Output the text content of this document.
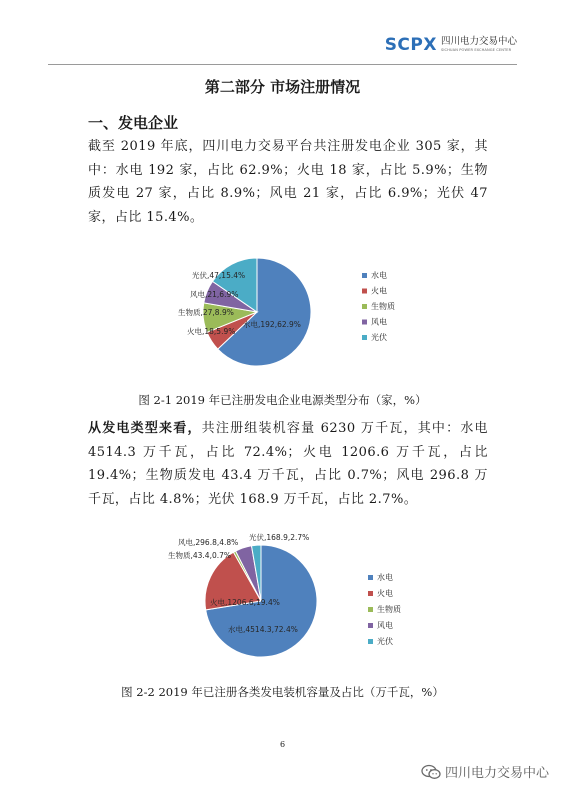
SCPX 四川电力交易中心
SICHUAN POWER EXCHANGE CENTER
第二部分 市场注册情况
一、发电企业

截至 2019 年底，四川电力交易平台共注册发电企业 305 家，其中：水电 192 家，占比 62.9%；火电 18 家，占比 5.9%；生物质发电 27 家，占比 8.9%；风电 21 家，占比 6.9%；光伏 47 家，占比 15.4%。

水电,192,62.9%
火电,18,5.9%
生物质,27,8.9%
风电,21,6.9%
光伏,47,15.4%	水电
火电
生物质
风电
光伏
图 2-1 2019 年已注册发电企业电源类型分布（家，%）

从发电类型来看，共注册组装机容量 6230 万千瓦，其中：水电 4514.3 万千瓦，占比 72.4%；火电 1206.6 万千瓦，占比 19.4%；生物质发电 43.4 万千瓦，占比 0.7%；风电 296.8 万千瓦，占比 4.8%；光伏 168.9 万千瓦，占比 2.7%。

水电,4514.3,72.4%
火电,1206.6,19.4%
生物质,43.4,0.7%
风电,296.8,4.8%
光伏,168.9,2.7%
水电
火电
生物质
风电
光伏
图 2-2 2019 年已注册各类发电装机容量及占比（万千瓦，%）
6
四川电力交易中心
